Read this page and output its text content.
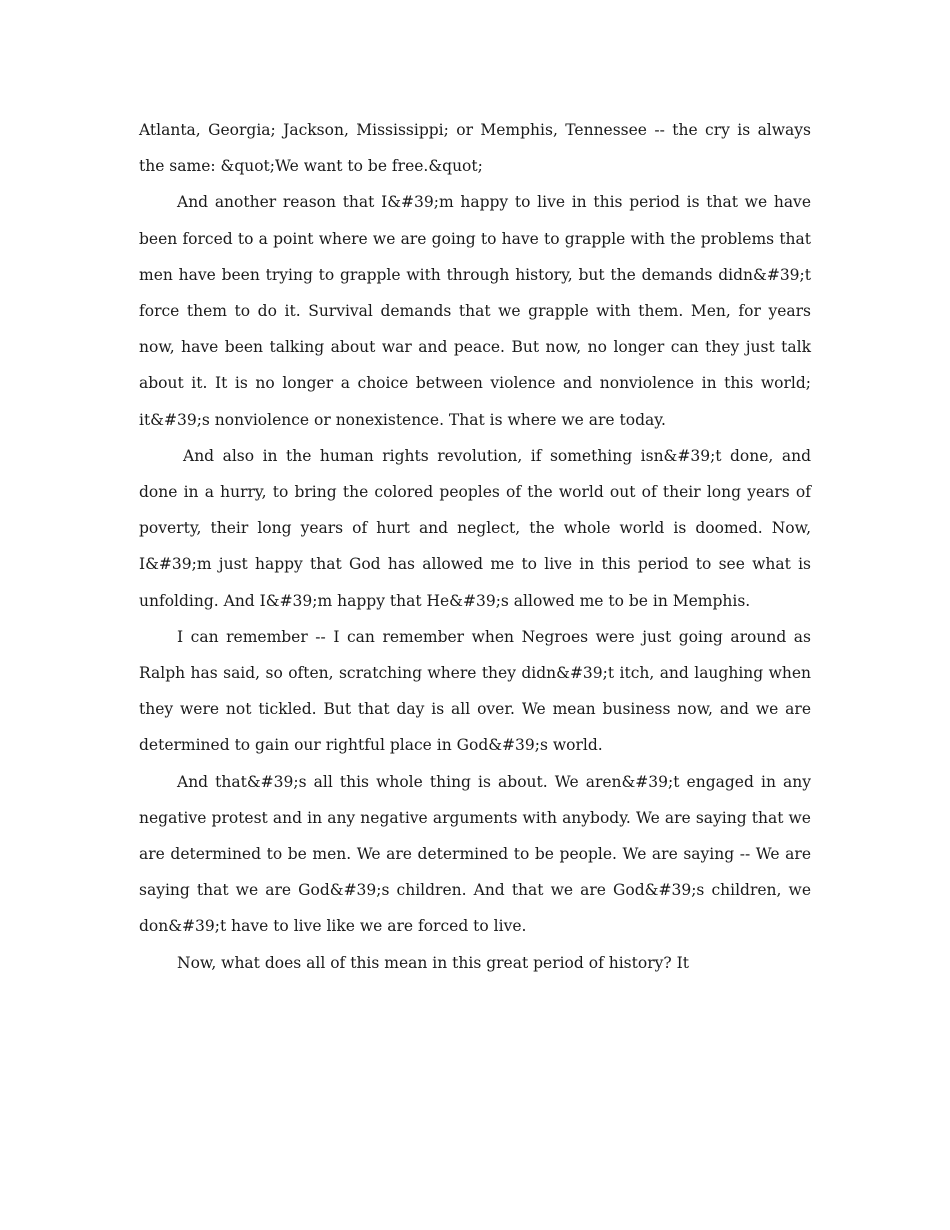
Atlanta, Georgia; Jackson, Mississippi; or Memphis, Tennessee -- the cry is always the same: &quot;We want to be free.&quot;

And another reason that I&#39;m happy to live in this period is that we have been forced to a point where we are going to have to grapple with the problems that men have been trying to grapple with through history, but the demands didn&#39;t force them to do it. Survival demands that we grapple with them. Men, for years now, have been talking about war and peace. But now, no longer can they just talk about it. It is no longer a choice between violence and nonviolence in this world; it&#39;s nonviolence or nonexistence. That is where we are today.

And also in the human rights revolution, if something isn&#39;t done, and done in a hurry, to bring the colored peoples of the world out of their long years of poverty, their long years of hurt and neglect, the whole world is doomed. Now, I&#39;m just happy that God has allowed me to live in this period to see what is unfolding. And I&#39;m happy that He&#39;s allowed me to be in Memphis.

I can remember -- I can remember when Negroes were just going around as Ralph has said, so often, scratching where they didn&#39;t itch, and laughing when they were not tickled. But that day is all over. We mean business now, and we are determined to gain our rightful place in God&#39;s world.

And that&#39;s all this whole thing is about. We aren&#39;t engaged in any negative protest and in any negative arguments with anybody. We are saying that we are determined to be men. We are determined to be people. We are saying -- We are saying that we are God&#39;s children. And that we are God&#39;s children, we don&#39;t have to live like we are forced to live.

Now, what does all of this mean in this great period of history? It
